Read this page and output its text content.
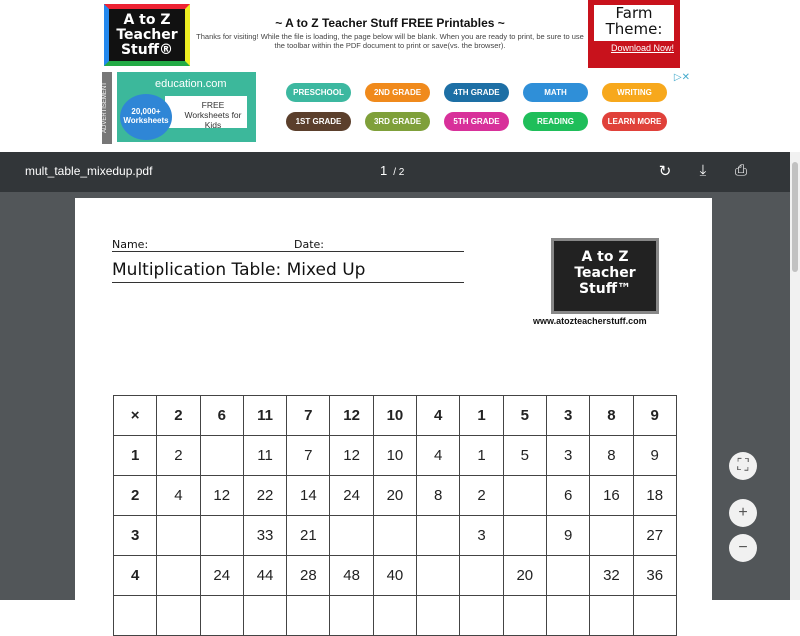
A to Z Teacher Stuff®
~ A to Z Teacher Stuff FREE Printables ~

Thanks for visiting! While the file is loading, the page below will be blank. When you are ready to print, be sure to use the toolbar within the PDF document to print or save(vs. the browser).

Farm Theme:
Download Now!
ADVERTISEMENT	education.com
FREE Worksheets for Kids
20,000+ Worksheets
▷✕
PRESCHOOL	2ND GRADE	4TH GRADE	MATH	WRITING
1ST GRADE	3RD GRADE	5TH GRADE	READING	LEARN MORE
mult_table_mixedup.pdf	1 / 2	↻	⤓	⎙
Name:	Date:
Multiplication Table: Mixed Up
A to Z Teacher Stuff™
www.atozteacherstuff.com
×	2	6	11	7	12	10	4	1	5	3	8	9
1	2		11	7	12	10	4	1	5	3	8	9
2	4	12	22	14	24	20	8	2		6	16	18
3			33	21				3		9		27
4		24	44	28	48	40			20		32	36

⛶
+
−
